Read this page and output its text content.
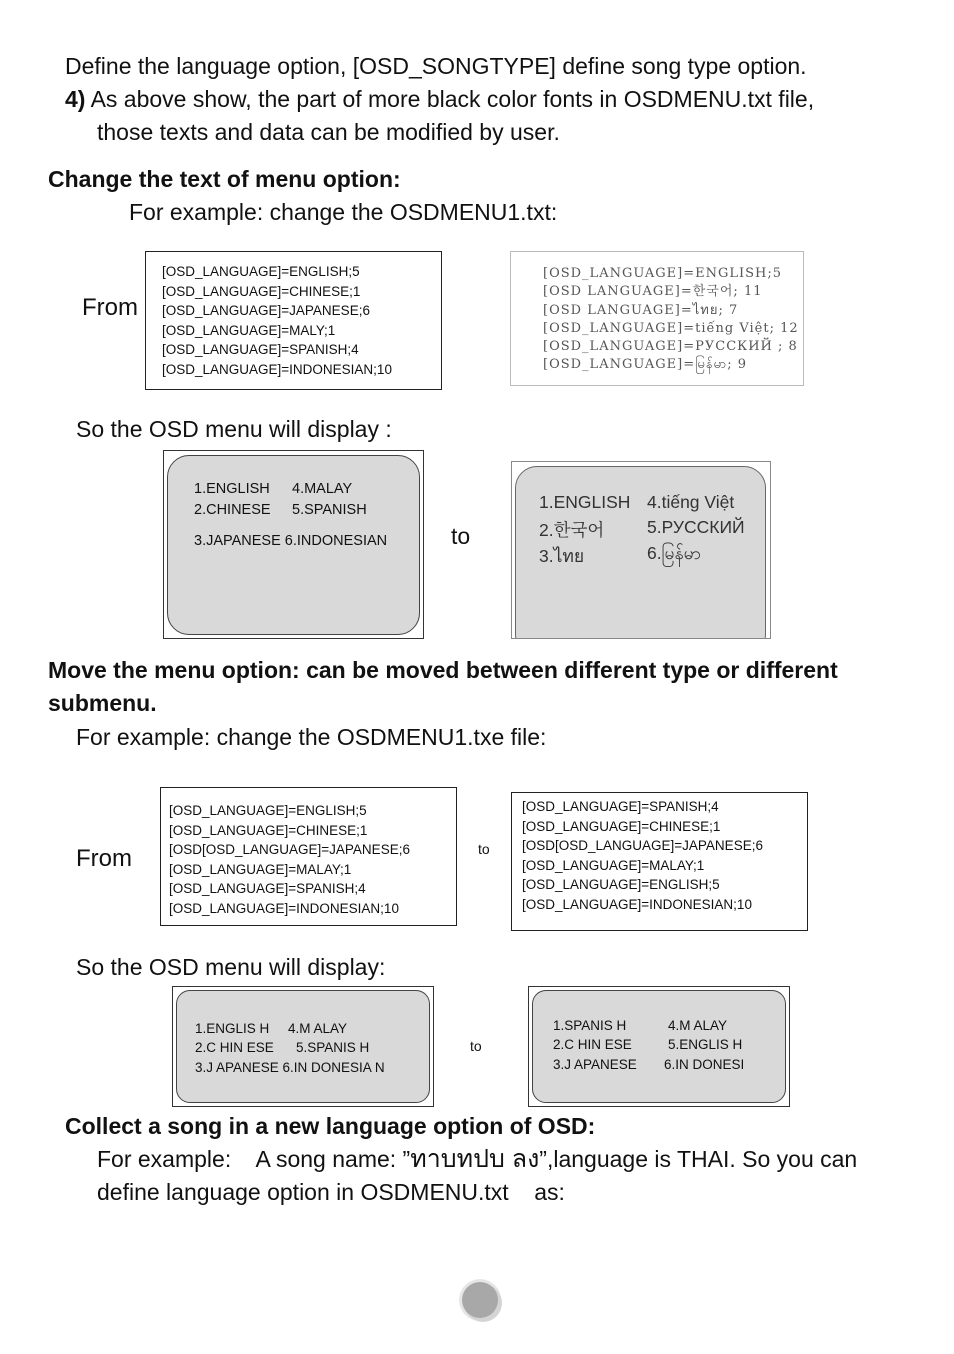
Define the language option, [OSD_SONGTYPE] define song type option.
4) As above show, the part of more black color fonts in OSDMENU.txt file,
those texts and data can be modified by user.
Change the text of menu option:
For example: change the OSDMENU1.txt:
From
[OSD_LANGUAGE]=ENGLISH;5
[OSD_LANGUAGE]=CHINESE;1
[OSD_LANGUAGE]=JAPANESE;6
[OSD_LANGUAGE]=MALY;1
[OSD_LANGUAGE]=SPANISH;4
[OSD_LANGUAGE]=INDONESIAN;10
[OSD_LANGUAGE]=ENGLISH;5
[OSD LANGUAGE]=한국어; 11
[OSD LANGUAGE]=ไทย; 7
[OSD_LANGUAGE]=tiếng Việt; 12
[OSD_LANGUAGE]=РУССКИЙ ; 8
[OSD_LANGUAGE]=မြန်မာ; 9
So the OSD menu will display :
1.ENGLISH 4.MALAY
2.CHINESE 5.SPANISH
3.JAPANESE 6.INDONESIAN	to
1.ENGLISH 4.tiếng Việt
2.한국어 5.РУССКИЙ
3.ไทย	6.မြန်မာ
Move the menu option: can be moved between different type or different
submenu.
For example: change the OSDMENU1.txe file:
From
[OSD_LANGUAGE]=ENGLISH;5
[OSD_LANGUAGE]=CHINESE;1
[OSD[OSD_LANGUAGE]=JAPANESE;6
[OSD_LANGUAGE]=MALAY;1
[OSD_LANGUAGE]=SPANISH;4
[OSD_LANGUAGE]=INDONESIAN;10
to
[OSD_LANGUAGE]=SPANISH;4
[OSD_LANGUAGE]=CHINESE;1
[OSD[OSD_LANGUAGE]=JAPANESE;6
[OSD_LANGUAGE]=MALAY;1
[OSD_LANGUAGE]=ENGLISH;5
[OSD_LANGUAGE]=INDONESIAN;10
So the OSD menu will display:
1.ENGLIS H 4.M ALAY
2.C HIN ESE 5.SPANIS H
3.J APANESE 6.IN DONESIA N
to
1.SPANIS H	4.M ALAY
2.C HIN ESE	5.ENGLIS H
3.J APANESE 6.IN DONESI
Collect a song in a new language option of OSD:
For example:    A song name: ”ทาบทปบ ลง”,language is THAI. So you can
define language option in OSDMENU.txt    as:
